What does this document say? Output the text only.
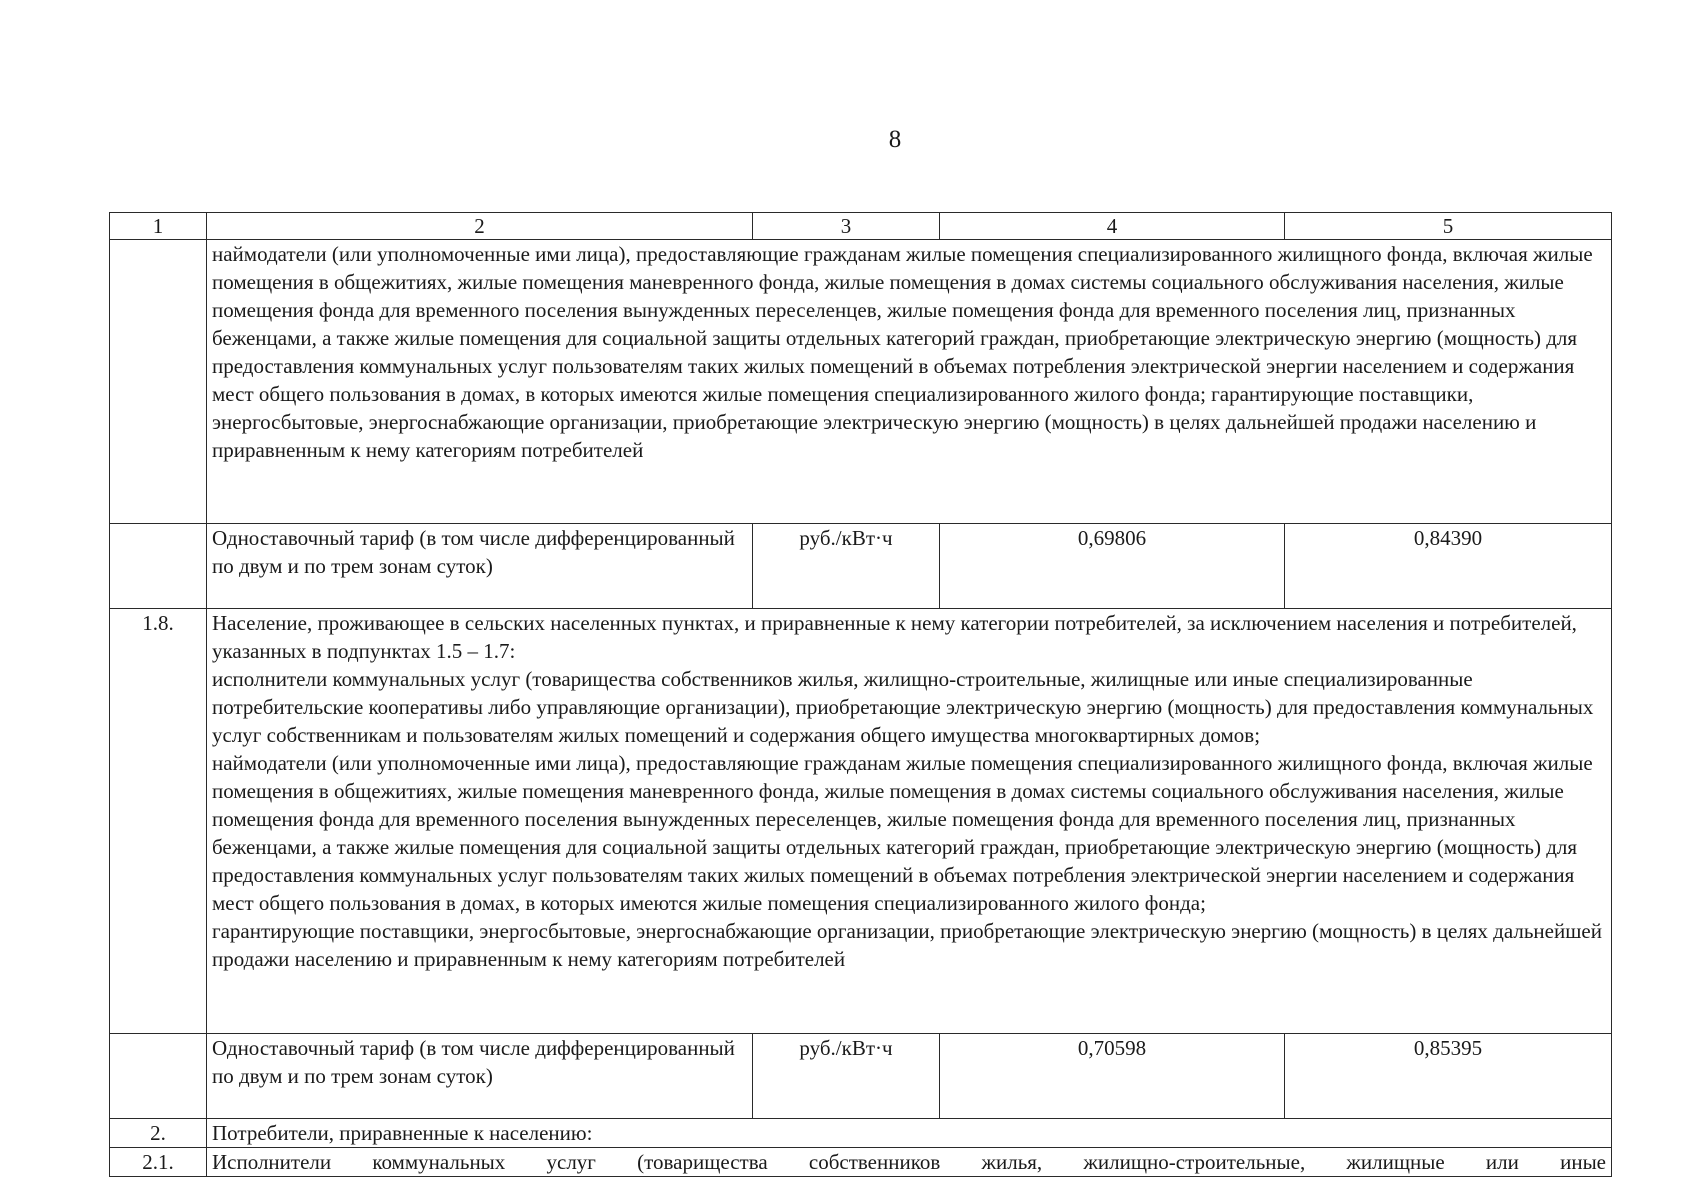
8
1	2	3	4	5
	наймодатели (или уполномоченные ими лица), предоставляющие гражданам жилые помещения специализированного жилищного фонда, включая жилые помещения в общежитиях, жилые помещения маневренного фонда, жилые помещения в домах системы социального обслуживания населения, жилые помещения фонда для временного поселения вынужденных переселенцев, жилые помещения фонда для временного поселения лиц, признанных беженцами, а также жилые помещения для социальной защиты отдельных категорий граждан, приобретающие электрическую энергию (мощность) для предоставления коммунальных услуг пользователям таких жилых помещений в объемах потребления электрической энергии населением и содержания мест общего пользования в домах, в которых имеются жилые помещения специализированного жилого фонда; гарантирующие поставщики, энергосбытовые, энергоснабжающие организации, приобретающие электрическую энергию (мощность) в целях дальнейшей продажи населению и приравненным к нему категориям потребителей			
	Одноставочный тариф (в том числе дифференцированный по двум и по трем зонам суток)	руб./кВт·ч	0,69806	0,84390
1.8.	Население, проживающее в сельских населенных пунктах, и приравненные к нему категории потребителей, за исключением населения и потребителей, указанных в подпунктах 1.5 – 1.7:
исполнители коммунальных услуг (товарищества собственников жилья, жилищно-строительные, жилищные или иные специализированные потребительские кооперативы либо управляющие организации), приобретающие электрическую энергию (мощность) для предоставления коммунальных услуг собственникам и пользователям жилых помещений и содержания общего имущества многоквартирных домов;
наймодатели (или уполномоченные ими лица), предоставляющие гражданам жилые помещения специализированного жилищного фонда, включая жилые помещения в общежитиях, жилые помещения маневренного фонда, жилые помещения в домах системы социального обслуживания населения, жилые помещения фонда для временного поселения вынужденных переселенцев, жилые помещения фонда для временного поселения лиц, признанных беженцами, а также жилые помещения для социальной защиты отдельных категорий граждан, приобретающие электрическую энергию (мощность) для предоставления коммунальных услуг пользователям таких жилых помещений в объемах потребления электрической энергии населением и содержания мест общего пользования в домах, в которых имеются жилые помещения специализированного жилого фонда;
гарантирующие поставщики, энергосбытовые, энергоснабжающие организации, приобретающие электрическую энергию (мощность) в целях дальнейшей продажи населению и приравненным к нему категориям потребителей			

	Одноставочный тариф (в том числе дифференцированный по двум и по трем зонам суток)	руб./кВт·ч	0,70598	0,85395
2.	Потребители, приравненные к населению:			
2.1.	Исполнители коммунальных услуг (товарищества собственников жилья, жилищно-строительные, жилищные или иные			
